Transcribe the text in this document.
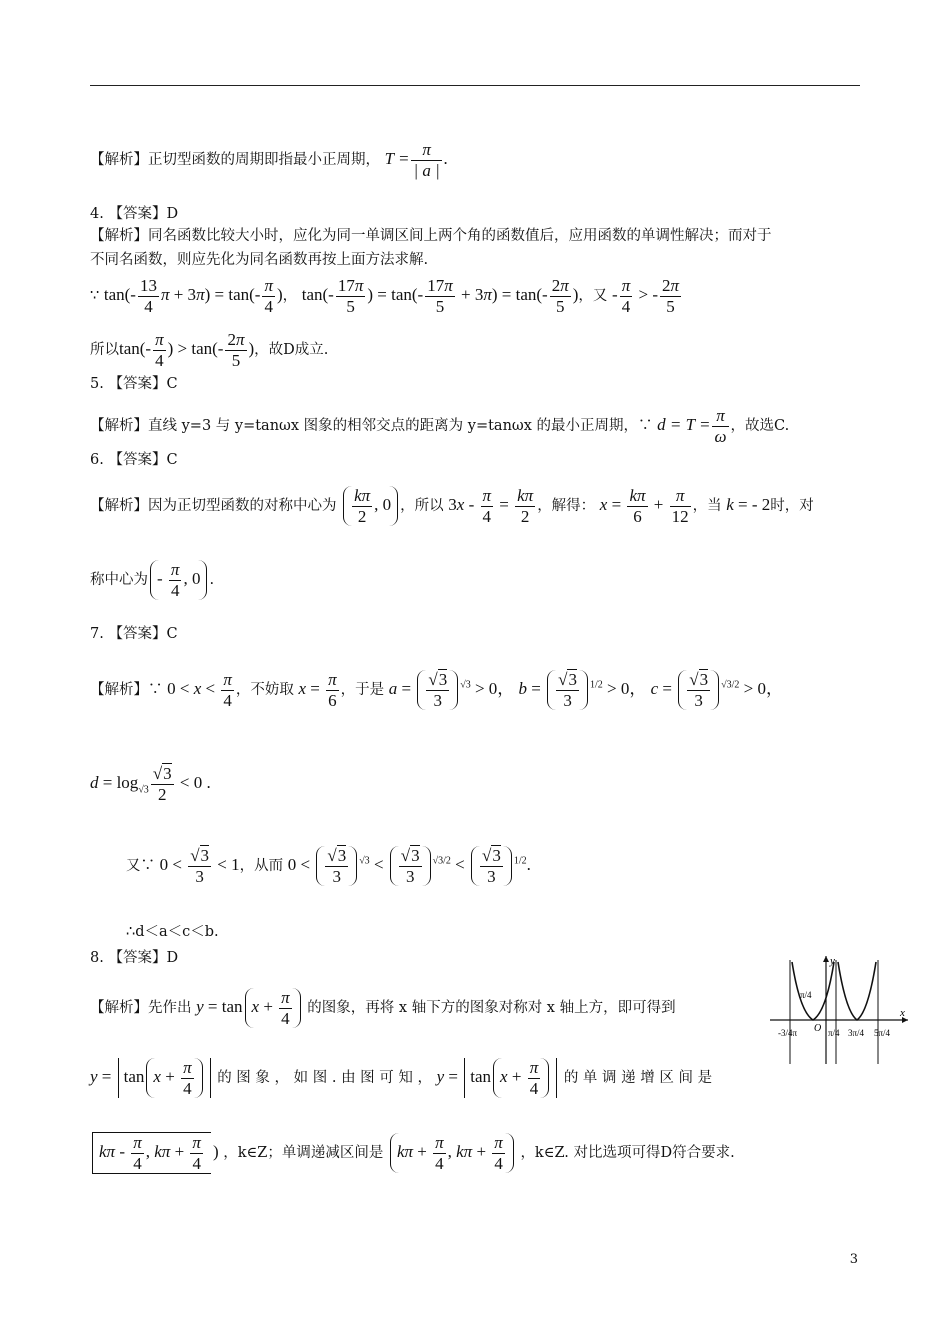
【解析】正切型函数的周期即指最小正周期， $T = \frac{\pi}{| a |}$ .
4. 【答案】D
【解析】同名函数比较大小时，应化为同一单调区间上两个角的函数值后，应用函数的单调性解决；而对于
不同名函数，则应先化为同名函数再按上面方法求解.
∵ $\tan(- \frac{13}{4}$ $\pi + 3\pi) = \tan(- \frac{\pi}{4}$ )， $\tan(- \frac{17\pi}{5}$ ) = $\tan(- \frac{17\pi}{5} + 3\pi) = \tan(- \frac{2\pi}{5}$ )，又 - $\frac{\pi}{4}$ > - $\frac{2\pi}{5}$
所以$\tan(- \frac{\pi}{4}$ ) > $\tan(- \frac{2\pi}{5}$ )，故D成立.
5. 【答案】C
【解析】直线 y=3 与 y=tanωx 图象的相邻交点的距离为 y=tanωx 的最小正周期，∵ $d = T = \frac{\pi}{\omega}$ ，故选C.
6. 【答案】C
【解析】因为正切型函数的对称中心为 $\frac{k\pi}{2}$ , 0 ，所以 $3x - \frac{\pi}{4} = \frac{k\pi}{2}$ ，解得： $x = \frac{k\pi}{6} + \frac{\pi}{12}$ ，当 k = - 2时，对
称中心为 - $\frac{\pi}{4}$ , 0 .
7. 【答案】C
【解析】∵ $0 < x < \frac{\pi}{4}$ ，不妨取 $x = \frac{\pi}{6}$ ，于是 $a = \frac{√3}{3} ^{√3} > 0$， $b = \frac{√3}{3} ^{1/2} > 0$， $c = \frac{√3}{3} ^{√3/2} > 0$，
$d = \log_{√3} \frac{√3}{2} < 0$ .
又∵ $0 < \frac{√3}{3} < 1$，从而 $0 < \frac{√3}{3} ^{√3} < \frac{√3}{3} ^{√3/2} < \frac{√3}{3} ^{1/2}$.
∴d＜a＜c＜b.
8. 【答案】D
【解析】先作出 $y = \tan x + \frac{\pi}{4}$ 的图象，再将 x 轴下方的图象对称对 x 轴上方，即可得到
$y = \tan x + \frac{\pi}{4}$ 的 图 象 ， 如 图 . 由 图 可 知 ， $y = \tan x + \frac{\pi}{4}$ 的 单 调 递 增 区 间 是
kπ - $\frac{\pi}{4}$ , $k\pi + \frac{\pi}{4}$ ) ，k∈Z；单调递减区间是 $k\pi + \frac{\pi}{4}$ , $k\pi + \frac{\pi}{4}$ ，k∈Z. 对比选项可得D符合要求.
x
y
O
π/4
-3/4π	π/4 3π/4 5π/4
3
